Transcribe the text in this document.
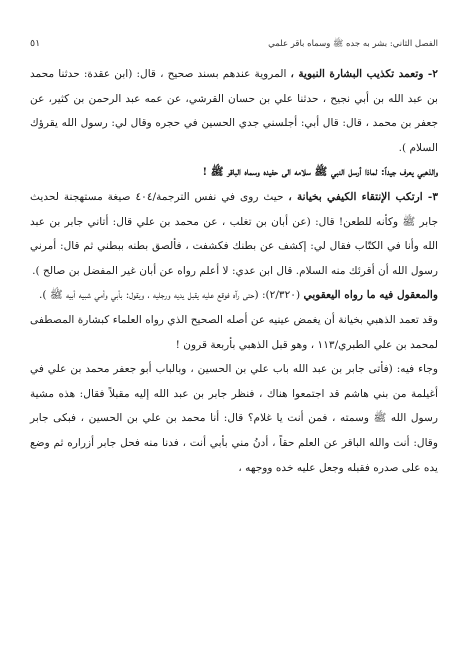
الفصل الثاني: بشر به جده ﷺ وسماه باقر علمي
٥١

٢- وتعمد تكذيب البشارة النبوية ، المروية عندهم بسند صحيح ، قال: (ابن عقدة: حدثنا محمد بن عبد الله بن أبي نجيح ، حدثنا علي بن حسان القرشي، عن عمه عبد الرحمن بن كثير، عن جعفر بن محمد ، قال: قال أبي: أجلسني جدي الحسين في حجره وقال لي: رسول الله يقرؤك السلام ).

والذهبي يعرف جيداً: لماذا أرسل النبي ﷺ سلامه الى حفيده وسماه الباقر ﷺ !

٣- ارتكب الإنتقاء الكيفي بخيانة ، حيث روى في نفس الترجمة/٤٠٤ صيغة مستهجنة لحديث جابر ﷺ وكأنه للطعن! قال: (عن أبان بن تغلب ، عن محمد بن علي قال: أتاني جابر بن عبد الله وأنا في الكتّاب فقال لي: إكشف عن بطنك فكشفت ، فألصق بطنه ببطني ثم قال: أمرني رسول الله أن أقرئك منه السلام. قال ابن عدي: لا أعلم رواه عن أبان غير المفضل بن صالح ).

والمعقول فيه ما رواه اليعقوبي (٢/٣٢٠): (حتى رآه فوقع عليه يقبل يديه ورجليه ، ويقول: بأبي وأمي شبيه أبيه ﷺ ).

وقد تعمد الذهبي بخيانة أن يغمض عينيه عن أصله الصحيح الذي رواه العلماء كبشارة المصطفى لمحمد بن علي الطبري/١١٣ ، وهو قبل الذهبي بأربعة قرون !

وجاء فيه: (فأتى جابر بن عبد الله باب علي بن الحسين ، وبالباب أبو جعفر محمد بن علي في أغيلمة من بني هاشم قد اجتمعوا هناك ، فنظر جابر بن عبد الله إليه مقبلاً فقال: هذه مشية رسول الله ﷺ وسمته ، فمن أنت يا غلام؟ قال: أنا محمد بن علي بن الحسين ، فبكى جابر وقال: أنت والله الباقر عن العلم حقاً ، أدنُ مني بأبي أنت ، فدنا منه فحل جابر أزراره ثم وضع يده على صدره فقبله وجعل عليه خده ووجهه ،
